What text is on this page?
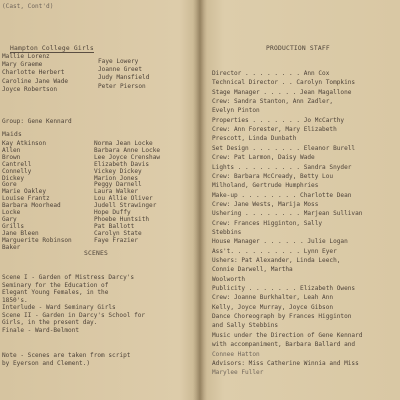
(Cast, Cont'd)
Hampton College Girls
Mallie Lorenz
Mary Graeme
Charlotte Herbert
Caroline Jane Wade
Joyce Robertson
Faye Lowery
Joanne Greet
Judy Mansfield
Peter Pierson
Group: Gene Kennard
Maids
Kay Atkinson
Allen
Brown
Cantrell
Connelly
Dickey
Gore
Marie Oakley
Louise Frantz
Barbara Moorhead
Locke
Gary
Grills
Jane Bleen
Marguerite Robinson
Baker
Norma Jean Locke
Barbara Anne Locke
Lee Joyce Crenshaw
Elizabeth Davis
Vickey Dickey
Marion Jones
Peggy Darnell
Laura Walker
Lou Allie Oliver
Judell Strawinger
Hope Duffy
Phoebe Huntsith
Pat Ballott
Carolyn State
Faye Frazier
SCENES
Scene I - Garden of Mistress Darcy's
Seminary for the Education of
Elegant Young Females, in the
1850's.
Interlude - Ward Seminary Girls
Scene II - Garden in Darcy's School for
Girls, in the present day.
Finale - Ward-Belmont
Note - Scenes are taken from script
by Eyerson and Clement.)
PRODUCTION STAFF
Director . . . . . . . . Ann Cox
Technical Director . . Carolyn Tompkins
Stage Manager . . . . . Jean Magallone
Crew: Sandra Stanton, Ann Zadler,
Evelyn Pinton
Properties . . . . . . . Jo McCarthy
Crew: Ann Forester, Mary Elizabeth
Prescott, Linda Dunbath
Set Design . . . . . . . Eleanor Burell
Crew: Pat Larmon, Daisy Wade
Lights . . . . . . . . . Sandra Snyder
Crew: Barbara McCready, Betty Lou
Milholand, Gertrude Humphries
Make-up . . . . . . . . Charlotte Dean
Crew: Jane Wests, Marija Moss
Ushering . . . . . . . . Marjean Sullivan
Crew: Frances Higginton, Sally
Stebbins
House Manager . . . . . . Julie Logan
Ass't. . . . . . . . . . Lynn Eyer
Ushers: Pat Alexander, Linda Leech,
Connie Darwell, Martha
Woolworth
Publicity . . . . . . . Elizabeth Owens
Crew: Joanne Burkhalter, Leah Ann
Kelly, Joyce Murray, Joyce Gibson
Dance Choreograph by Frances Higginton
and Sally Stebbins
Music under the Direction of Gene Kennard
with accompaniment, Barbara Ballard and
Connee Hatton
Advisors: Miss Catherine Winnia and Miss
Marylee Fuller
